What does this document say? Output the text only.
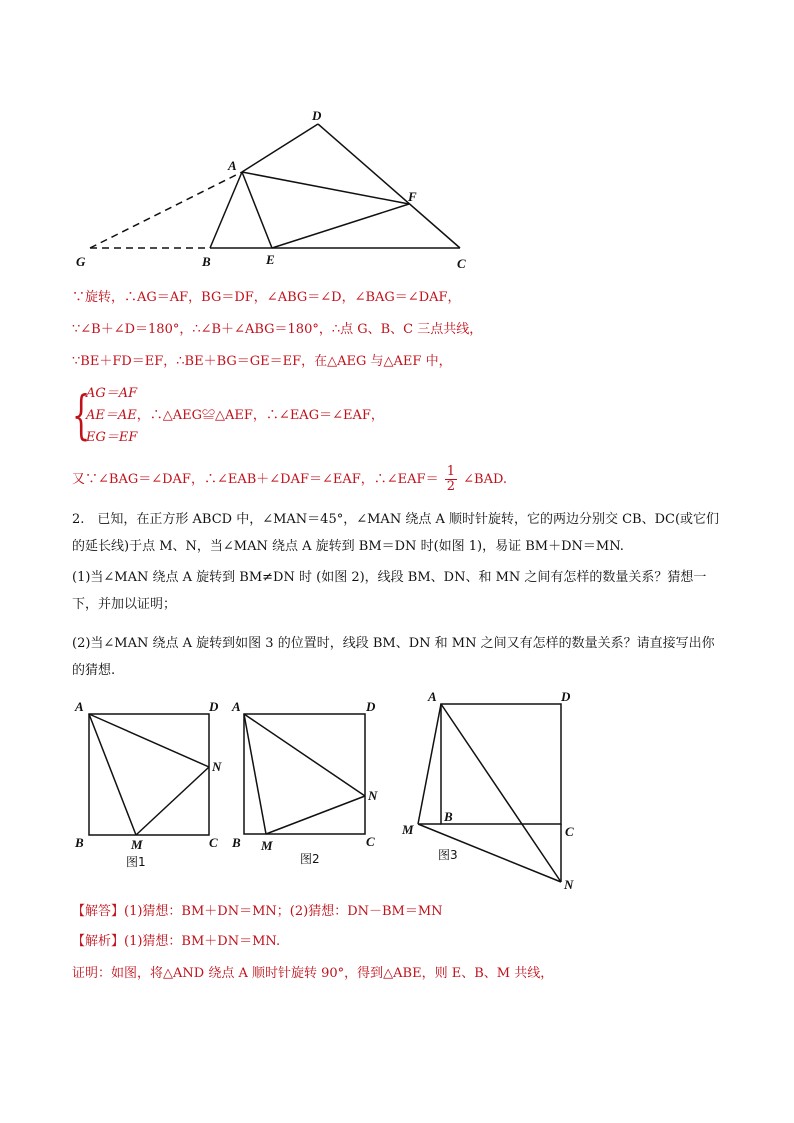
D
A
F
G	B	E	C
∵旋转，∴AG＝AF，BG＝DF，∠ABG＝∠D，∠BAG＝∠DAF，
∵∠B＋∠D＝180°，∴∠B＋∠ABG＝180°，∴点 G、B、C 三点共线，
∵BE＋FD＝EF，∴BE＋BG＝GE＝EF，在△AEG 与△AEF 中，
{
AG＝AF
AE＝AE，∴△AEG≌△AEF，∴∠EAG＝∠EAF，
EG＝EF
又∵∠BAG＝∠DAF，∴∠EAB＋∠DAF＝∠EAF，∴∠EAF＝ $\frac{1}{2}$ ∠BAD.
2.　已知，在正方形 ABCD 中，∠MAN＝45°，∠MAN 绕点 A 顺时针旋转，它的两边分别交 CB、DC(或它们的延长线)于点 M、N，当∠MAN 绕点 A 旋转到 BM＝DN 时(如图 1)，易证 BM＋DN＝MN.
(1)当∠MAN 绕点 A 旋转到 BM≠DN 时 (如图 2)，线段 BM、DN、和 MN 之间有怎样的数量关系？猜想一下，并加以证明；
(2)当∠MAN 绕点 A 旋转到如图 3 的位置时，线段 BM、DN 和 MN 之间又有怎样的数量关系？请直接写出你的猜想.
A	D
N
B	M	C
图1
A	D
N
B M	C
图2
A	D
B
M	C
N
图3
【解答】(1)猜想：BM＋DN＝MN；(2)猜想：DN－BM＝MN
【解析】(1)猜想：BM＋DN＝MN.
证明：如图，将△AND 绕点 A 顺时针旋转 90°，得到△ABE，则 E、B、M 共线，
